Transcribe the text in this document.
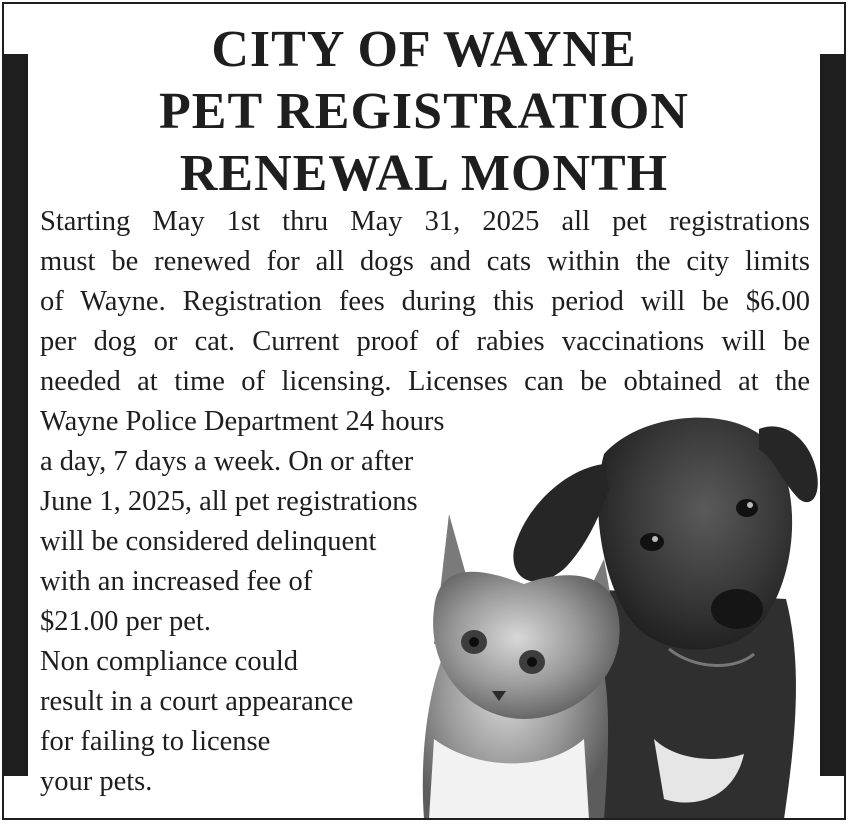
CITY OF WAYNE
PET REGISTRATION
RENEWAL MONTH
Starting May 1st thru May 31, 2025 all pet registrations
must be renewed for all dogs and cats within the city limits
of Wayne. Registration fees during this period will be $6.00
per dog or cat. Current proof of rabies vaccinations will be
needed at time of licensing. Licenses can be obtained at the
Wayne Police Department 24 hours
a day, 7 days a week. On or after
June 1, 2025, all pet registrations
will be considered delinquent
with an increased fee of
$21.00 per pet.
Non compliance could
result in a court appearance
for failing to license
your pets.
